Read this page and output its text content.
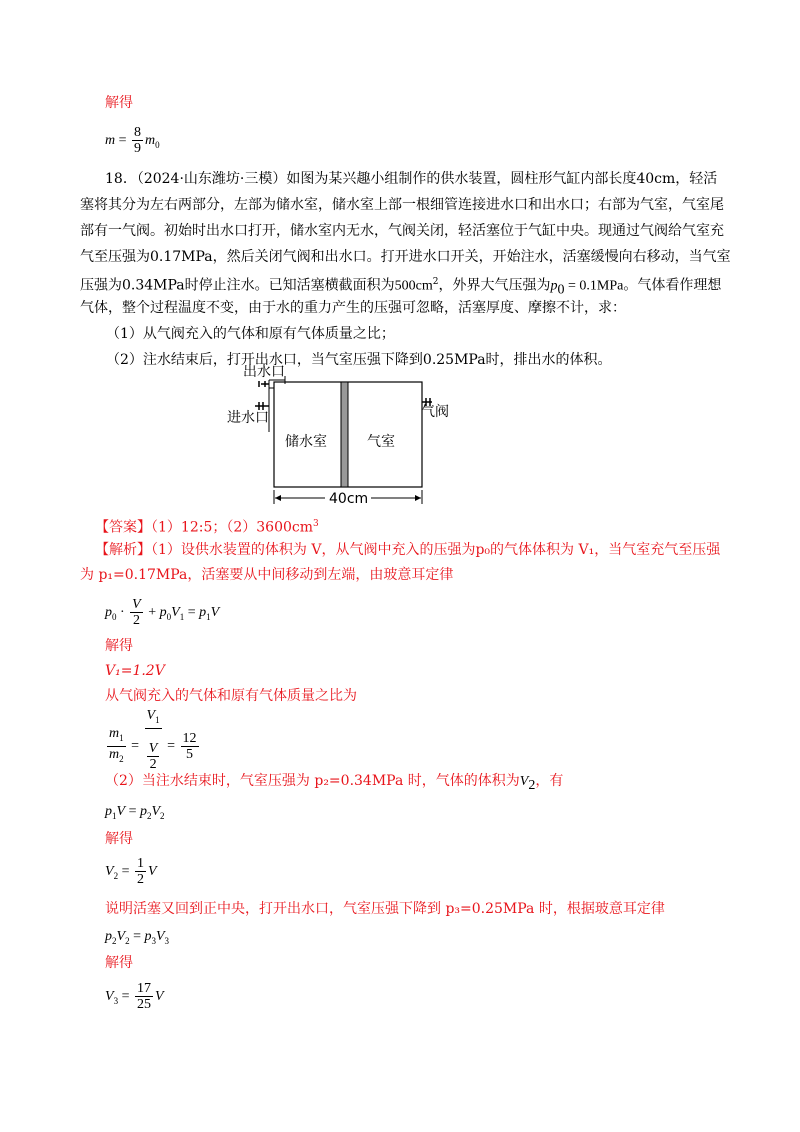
解得
$m = \frac{8}{9} m_0$
18．（2024·山东潍坊·三模）如图为某兴趣小组制作的供水装置，圆柱形气缸内部长度40cm，轻活
塞将其分为左右两部分，左部为储水室，储水室上部一根细管连接进水口和出水口；右部为气室，气室尾
部有一气阀。初始时出水口打开，储水室内无水，气阀关闭，轻活塞位于气缸中央。现通过气阀给气室充
气至压强为0.17MPa，然后关闭气阀和出水口。打开进水口开关，开始注水，活塞缓慢向右移动，当气室
压强为0.34MPa时停止注水。已知活塞横截面积为$500cm^2$，外界大气压强为$p_0 = 0.1MPa$。气体看作理想
气体，整个过程温度不变，由于水的重力产生的压强可忽略，活塞厚度、摩擦不计，求：
（1）从气阀充入的气体和原有气体质量之比；
（2）注水结束后，打开出水口，当气室压强下降到0.25MPa时，排出水的体积。
出水口
进水口	气阀
储水室	气室
40cm
【答案】（1）12:5；$(2)3600cm^3$
【解析】（1）设供水装置的体积为 V，从气阀中充入的压强为p₀的气体体积为 V₁，当气室充气至压强
为 p₁=0.17MPa，活塞要从中间移动到左端，由玻意耳定律
$p_0 \cdot \frac{V}{2} + p_0V_1 = p_1V$
解得
V₁=1.2V
从气阀充入的气体和原有气体质量之比为
$\frac{m_1}{m_2} = \frac{V_1}{\frac{V}{2}} = \frac{12}{5}$
（2）当注水结束时，气室压强为 p₂=0.34MPa 时，气体的体积为$V_2$，有
$p_1V = p_2V_2$
解得
$V_2 = \frac{1}{2}$ V
说明活塞又回到正中央，打开出水口，气室压强下降到 p₃=0.25MPa 时，根据玻意耳定律
$p_2V_2 = p_3V_3$
解得
$V_3 = \frac{17}{25}$ V
